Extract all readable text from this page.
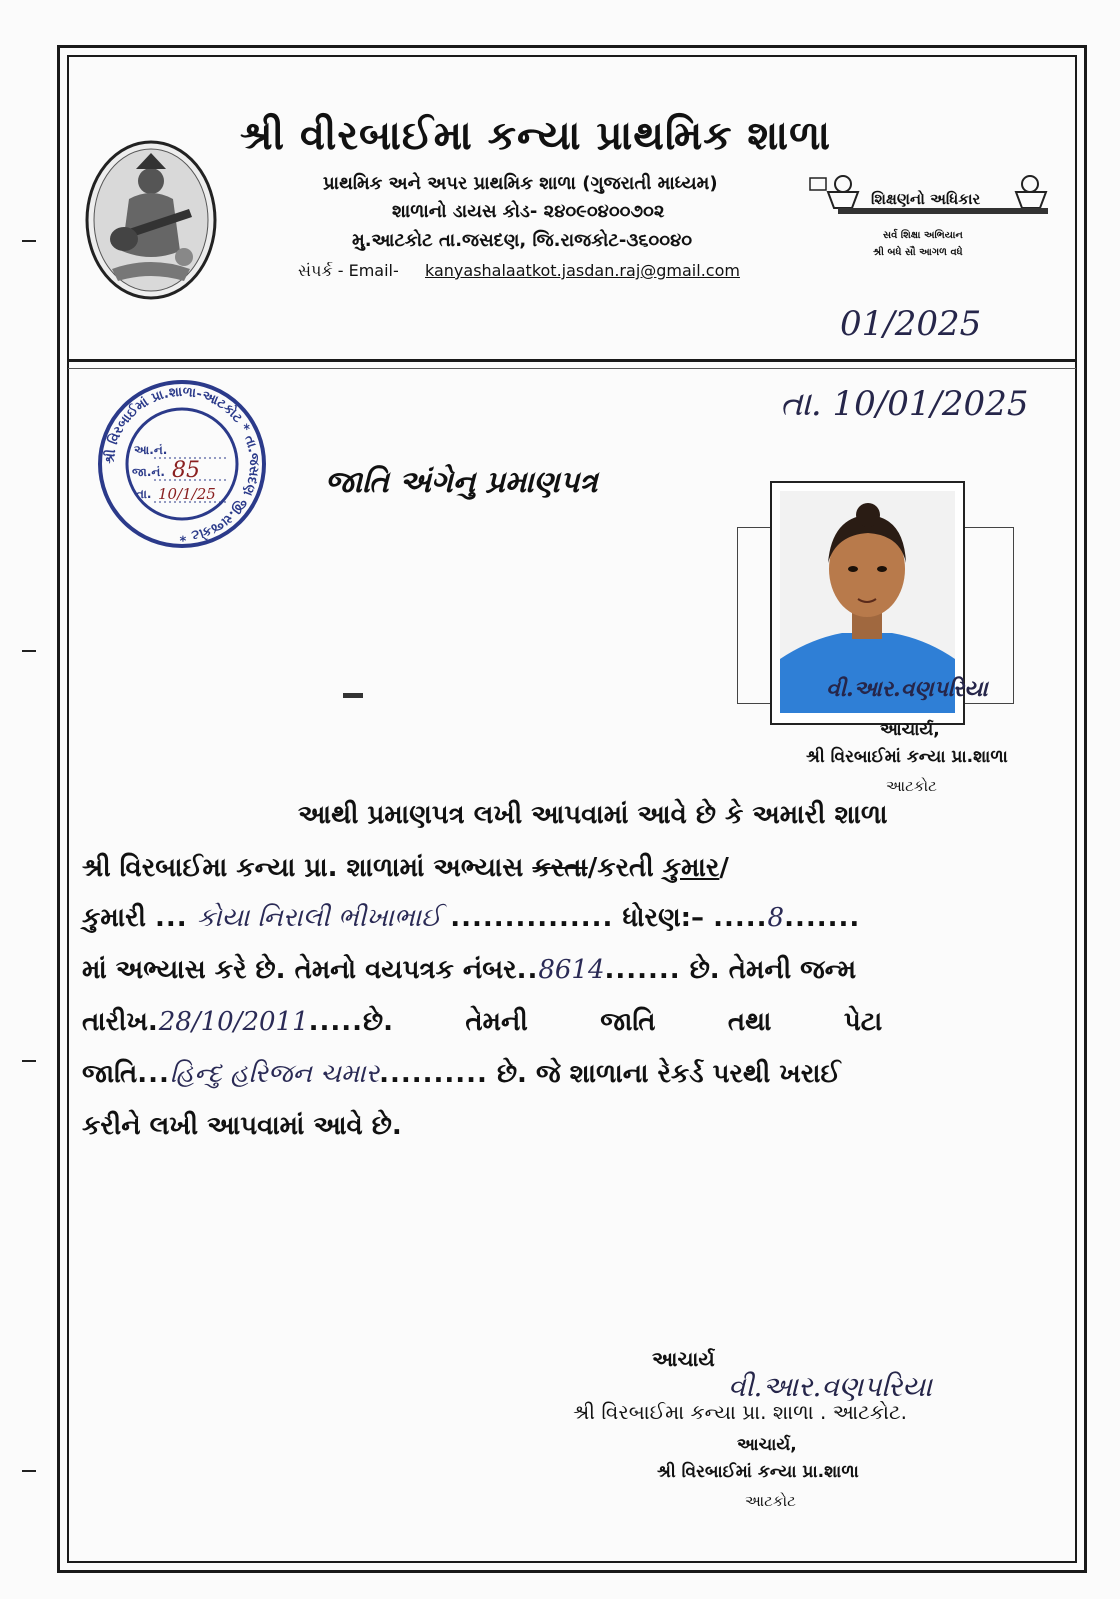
શ્રી વીરબાઈમા કન્યા પ્રાથમિક શાળા
પ્રાથમિક અને અપર પ્રાથમિક શાળા (ગુજરાતી માધ્યમ)
શાળાનો ડાયસ કોડ- ૨૪૦૯૦૪૦૦૭૦૨
મુ.આટકોટ તા.જસદણ, જિ.રાજકોટ-૩૬૦૦૪૦
સંપર્ક - Email- kanyashalaatkot.jasdan.raj@gmail.com
શિક્ષણનો અધિકાર
સર્વ શિક્ષા અભિયાન
શ્રી બધે સૌ આગળ વધે
01/2025
તા. 10/01/2025
શ્રી વિરબાઈમાં પ્રા.શાળા-આટકોટ * તા.જસદણ જી.રાજકોટ *
આ.નં.
જા.નં. 85
તા. 10/1/25	જાતિ અંગેનુ પ્રમાણપત્ર
વી.આર.વણપરિયા
આચાર્ય,
શ્રી વિરબાઈમાં કન્યા પ્રા.શાળા
આટકોટ
આથી પ્રમાણપત્ર લખી આપવામાં આવે છે કે અમારી શાળા
શ્રી વિરબાઈમા કન્યા પ્રા. શાળામાં અભ્યાસ કરતા/કરતી કુમાર/
કુમારી ... કોયા નિરાલી ભીખાભાઈ ............... ધોરણ:– .....8.......
માં અભ્યાસ કરે છે. તેમનો વયપત્રક નંબર..8614....... છે. તેમની જન્મ
તારીખ.28/10/2011.....છે.        તેમની        જાતિ        તથા        પેટા
જાતિ...હિન્દુ હરિજન ચમાર.......... છે. જે શાળાના રેકર્ડ પરથી ખરાઈ
કરીને લખી આપવામાં આવે છે.
આચાર્ય
વી.આર.વણપરિયા
શ્રી વિરબાઈમા કન્યા પ્રા. શાળા . આટકોટ.
આચાર્ય,
શ્રી વિરબાઈમાં કન્યા પ્રા.શાળા
આટકોટ
